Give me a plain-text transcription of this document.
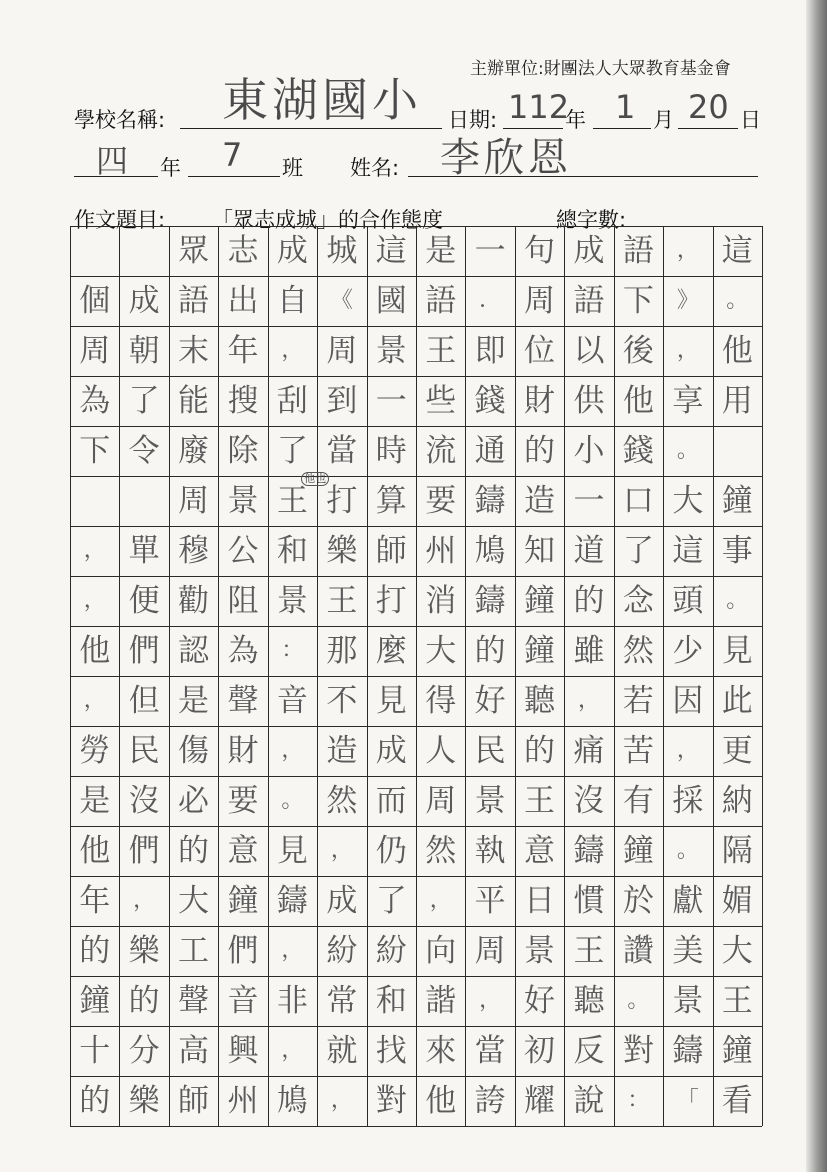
主辦單位:財團法人大眾教育基金會
學校名稱: 東湖國小 日期: 112
年 1 月 20 日
四 年 7 班 姓名: 李欣恩
作文題目: 「眾志成城」的合作態度	總字數:
眾 志 成 城 這 是 一 句 成 語	， 這
個 成 語 出 自	《 國 語	． 周 語 下	》	。
周 朝 末 年	， 周 景 王 即 位 以 後	， 他
為 了 能 搜 刮 到 一 些 錢 財 供 他 享 用
下 令 廢 除 了 當 時 流 通 的 小 錢	。
周 景 王 打 算 要 鑄 造 一 口 大 鐘
， 單 穆 公 和 樂 師 州 鳩 知 道 了 這 事
， 便 勸 阻 景 王 打 消 鑄 鐘 的 念 頭	。
他 們 認 為	： 那 麼 大 的 鐘 雖 然 少 見
， 但 是 聲 音 不 見 得 好 聽	， 若 因 此
勞 民 傷 財	， 造 成 人 民 的 痛 苦	， 更
是 沒 必 要	。 然 而 周 景 王 沒 有 採 納
他 們 的 意 見	， 仍 然 執 意 鑄 鐘	。 隔
年	， 大 鐘 鑄 成 了	， 平 日 慣 於 獻 媚
的 樂 工 們	， 紛 紛 向 周 景 王 讚 美 大
鐘 的 聲 音 非 常 和 諧	， 好 聽	。 景 王
十 分 高 興	， 就 找 來 當 初 反 對 鑄 鐘
的 樂 師 州 鳩	， 對 他 誇 耀 說	：	「 看
他也
